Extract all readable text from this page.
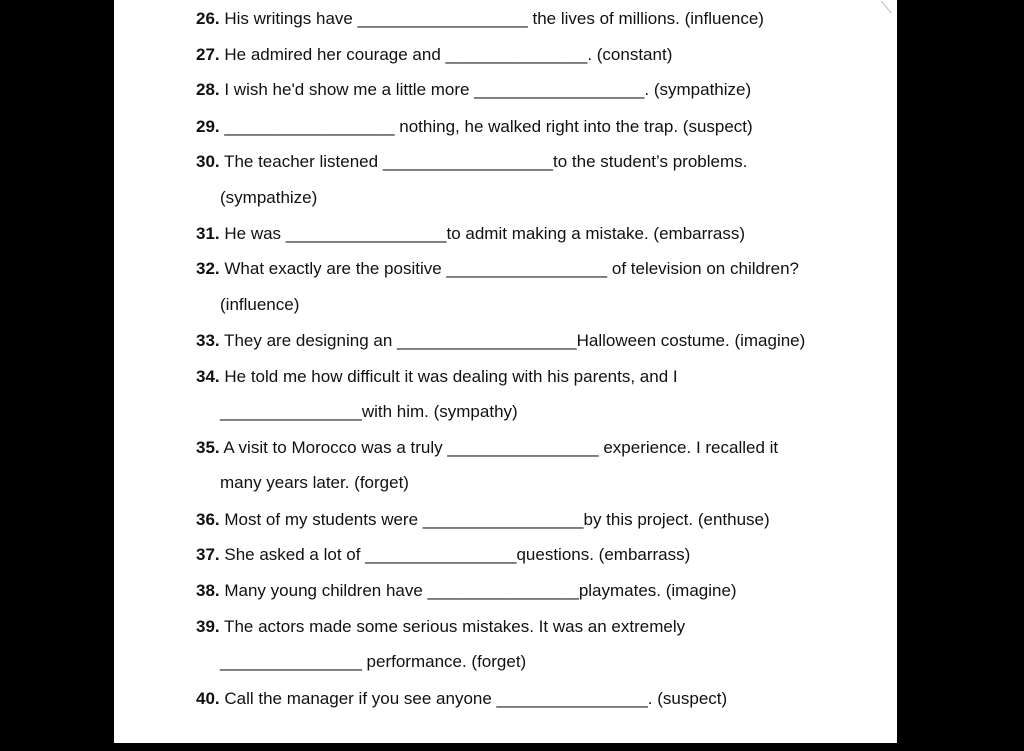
26. His writings have __________________ the lives of millions. (influence)
27. He admired her courage and _______________. (constant)
28. I wish he'd show me a little more __________________. (sympathize)
29. __________________ nothing, he walked right into the trap. (suspect)
30. The teacher listened __________________to the student’s problems.
(sympathize)
31. He was _________________to admit making a mistake. (embarrass)
32. What exactly are the positive _________________ of television on children?
(influence)
33. They are designing an ___________________Halloween costume. (imagine)
34. He told me how difficult it was dealing with his parents, and I
_______________with him. (sympathy)
35. A visit to Morocco was a truly ________________ experience. I recalled it
many years later. (forget)
36. Most of my students were _________________by this project. (enthuse)
37. She asked a lot of ________________questions. (embarrass)
38. Many young children have ________________playmates. (imagine)
39. The actors made some serious mistakes. It was an extremely
_______________ performance. (forget)
40. Call the manager if you see anyone ________________. (suspect)
